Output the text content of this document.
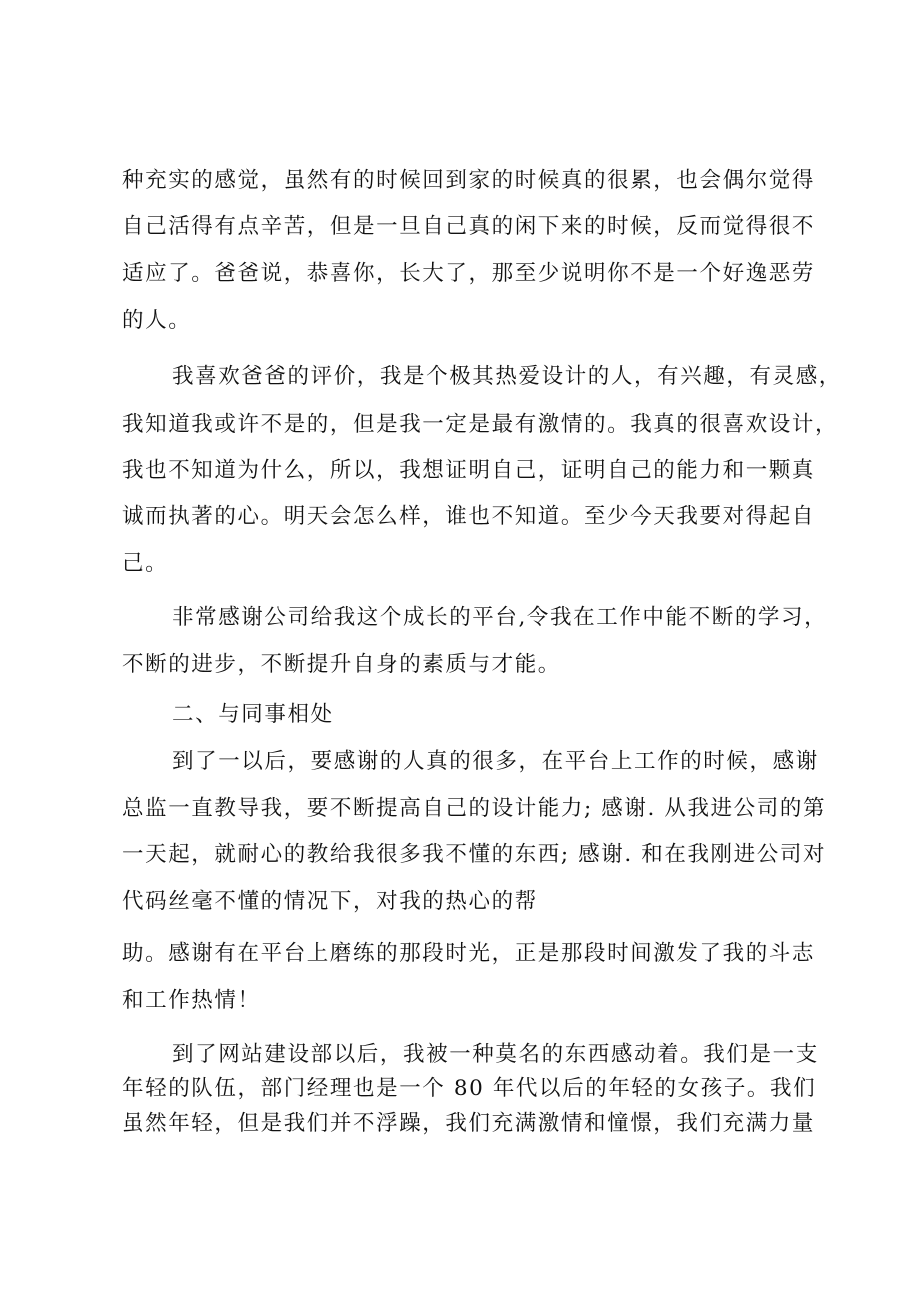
种充实的感觉，虽然有的时候回到家的时候真的很累，也会偶尔觉得

自己活得有点辛苦，但是一旦自己真的闲下来的时候，反而觉得很不

适应了。爸爸说，恭喜你，长大了，那至少说明你不是一个好逸恶劳

的人。

我喜欢爸爸的评价，我是个极其热爱设计的人，有兴趣，有灵感，

我知道我或许不是的，但是我一定是最有激情的。我真的很喜欢设计，

我也不知道为什么，所以，我想证明自己，证明自己的能力和一颗真

诚而执著的心。明天会怎么样，谁也不知道。至少今天我要对得起自

己。

非常感谢公司给我这个成长的平台,令我在工作中能不断的学习，

不断的进步，不断提升自身的素质与才能。

二、与同事相处

到了一以后，要感谢的人真的很多，在平台上工作的时候，感谢

总监一直教导我，要不断提高自己的设计能力; 感谢. 从我进公司的第

一天起，就耐心的教给我很多我不懂的东西; 感谢. 和在我刚进公司对

代码丝毫不懂的情况下，对我的热心的帮

助。感谢有在平台上磨练的那段时光，正是那段时间激发了我的斗志

和工作热情！

到了网站建设部以后，我被一种莫名的东西感动着。我们是一支

年轻的队伍，部门经理也是一个 80 年代以后的年轻的女孩子。我们

虽然年轻，但是我们并不浮躁，我们充满激情和憧憬，我们充满力量
